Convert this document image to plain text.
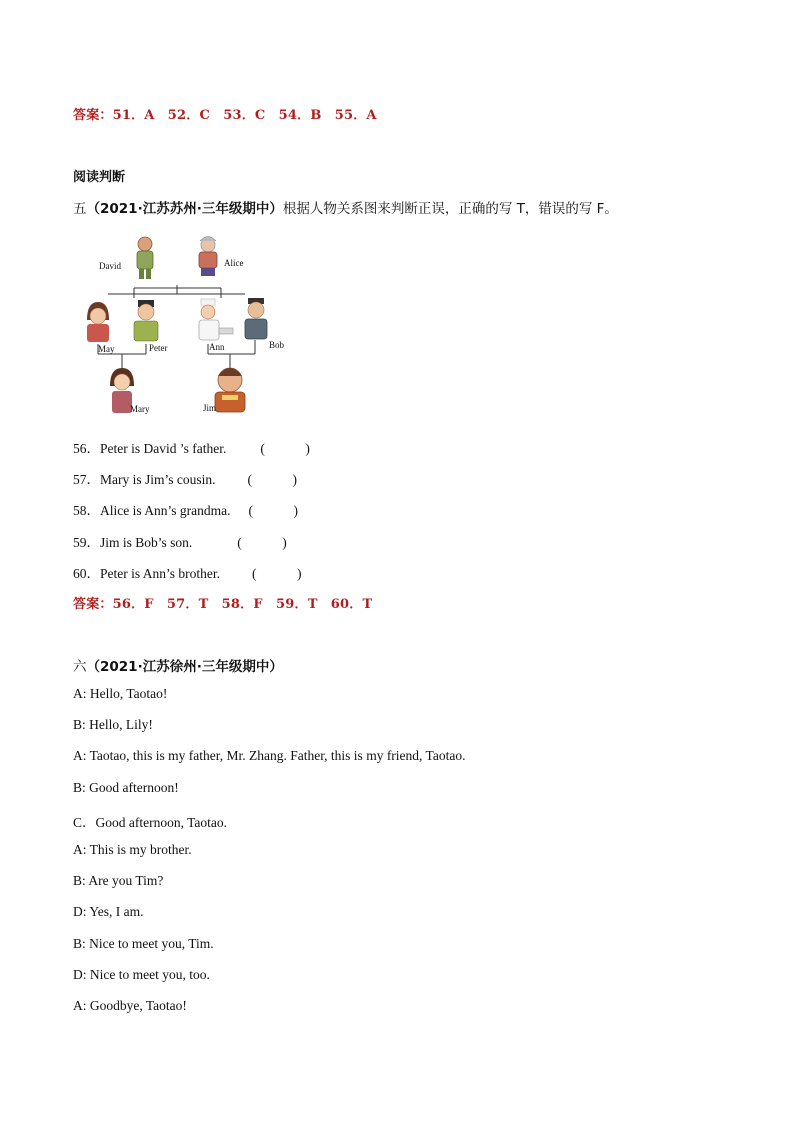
答案：51．A　52．C　53．C　54．B　55．A
阅读判断
五（2021·江苏苏州·三年级期中）根据人物关系图来判断正误，正确的写 T，错误的写 F。
David	Alice
May	Peter	Ann	Bob
Mary	Jim
56．Peter is David ’s father.	(　　　)
57．Mary is Jim’s cousin. (　　　)
58．Alice is Ann’s grandma. (　　　)
59．Jim is Bob’s son.	(　　　)
60．Peter is Ann’s brother. (　　　)
答案：56．F　57．T　58．F　59．T　60．T
六（2021·江苏徐州·三年级期中）
A: Hello, Taotao!
B: Hello, Lily!
A: Taotao, this is my father, Mr. Zhang. Father, this is my friend, Taotao.
B: Good afternoon!
C．Good afternoon, Taotao.
A: This is my brother.
B: Are you Tim?
D: Yes, I am.
B: Nice to meet you, Tim.
D: Nice to meet you, too.
A: Goodbye, Taotao!
